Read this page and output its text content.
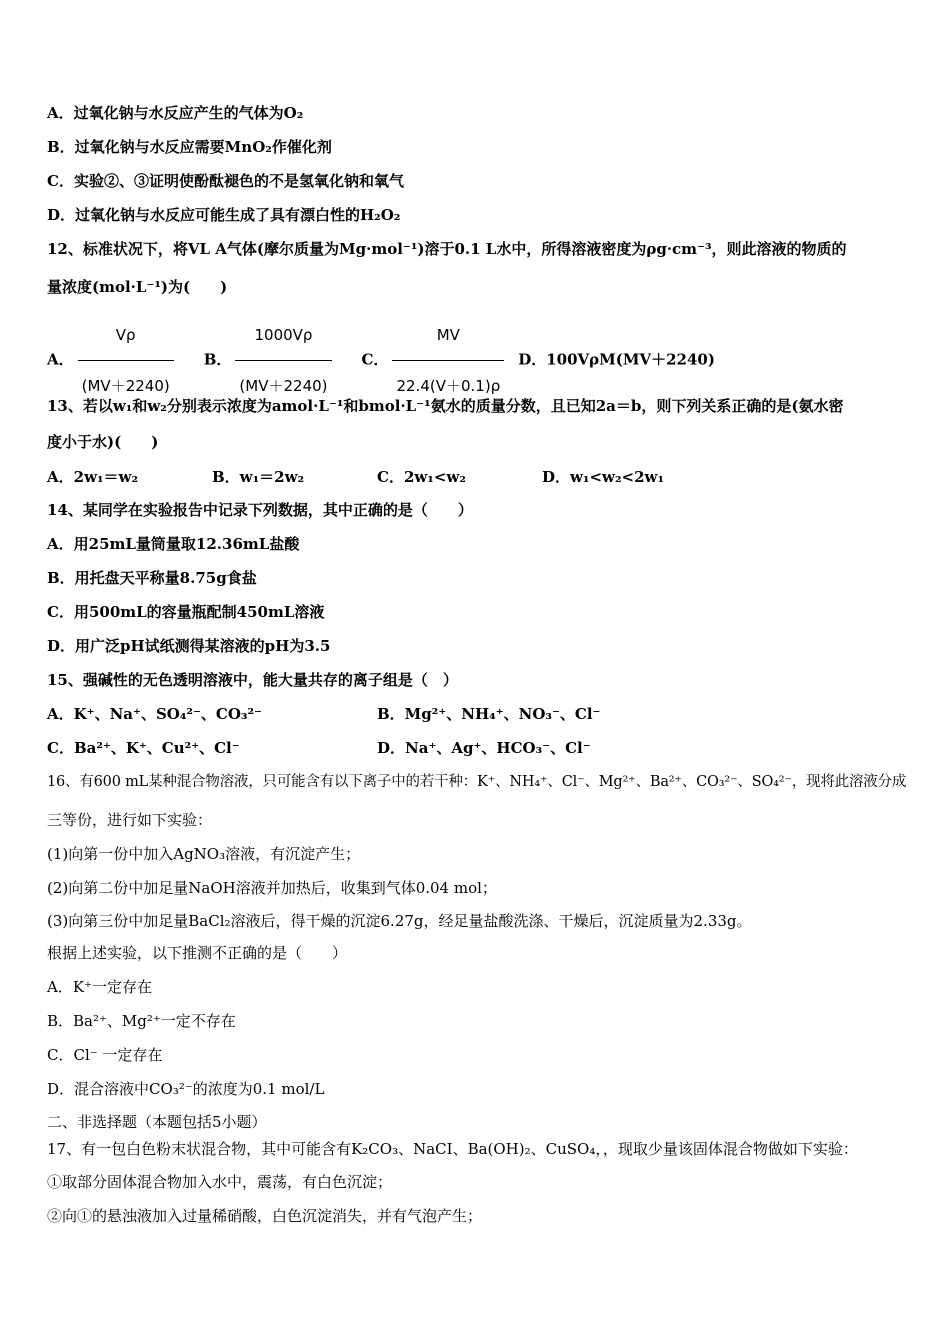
A．过氧化钠与水反应产生的气体为O₂
B．过氧化钠与水反应需要MnO₂作催化剂
C．实验②、③证明使酚酞褪色的不是氢氧化钠和氧气
D．过氧化钠与水反应可能生成了具有漂白性的H₂O₂
12、标准状况下，将VL A气体(摩尔质量为Mg·mol⁻¹)溶于0.1 L水中，所得溶液密度为ρg·cm⁻³，则此溶液的物质的
量浓度(mol·L⁻¹)为(　　)
A． $\frac{V\rho}{(MV+2240)}$ B． $\frac{1000V\rho}{(MV+2240)}$ C． $\frac{MV}{22.4(V+0.1)\rho}$ D．100VρM(MV＋2240)
13、若以w₁和w₂分别表示浓度为amol·L⁻¹和bmol·L⁻¹氨水的质量分数，且已知2a＝b，则下列关系正确的是(氨水密
度小于水)(　　)
A．2w₁＝w₂	B．w₁＝2w₂	C．2w₁<w₂	D．w₁<w₂<2w₁
14、某同学在实验报告中记录下列数据，其中正确的是（　　）
A．用25mL量筒量取12.36mL盐酸
B．用托盘天平称量8.75g食盐
C．用500mL的容量瓶配制450mL溶液
D．用广泛pH试纸测得某溶液的pH为3.5
15、强碱性的无色透明溶液中，能大量共存的离子组是（　）
A．K⁺、Na⁺、SO₄²⁻、CO₃²⁻	B．Mg²⁺、NH₄⁺、NO₃⁻、Cl⁻
C．Ba²⁺、K⁺、Cu²⁺、Cl⁻	D．Na⁺、Ag⁺、HCO₃⁻、Cl⁻
16、有600 mL某种混合物溶液，只可能含有以下离子中的若干种：K⁺、NH₄⁺、Cl⁻、Mg²⁺、Ba²⁺、CO₃²⁻、SO₄²⁻，现将此溶液分成
三等份，进行如下实验：
(1)向第一份中加入AgNO₃溶液，有沉淀产生；
(2)向第二份中加足量NaOH溶液并加热后，收集到气体0.04 mol；
(3)向第三份中加足量BaCl₂溶液后，得干燥的沉淀6.27g，经足量盐酸洗涤、干燥后，沉淀质量为2.33g。
根据上述实验，以下推测不正确的是（　　）
A．K⁺一定存在
B．Ba²⁺、Mg²⁺一定不存在
C．Cl⁻ 一定存在
D．混合溶液中CO₃²⁻的浓度为0.1 mol/L
二、非选择题（本题包括5小题）
17、有一包白色粉末状混合物，其中可能含有K₂CO₃、NaCI、Ba(OH)₂、CuSO₄，，现取少量该固体混合物做如下实验：
①取部分固体混合物加入水中，震荡，有白色沉淀；
②向①的悬浊液加入过量稀硝酸，白色沉淀消失，并有气泡产生；
